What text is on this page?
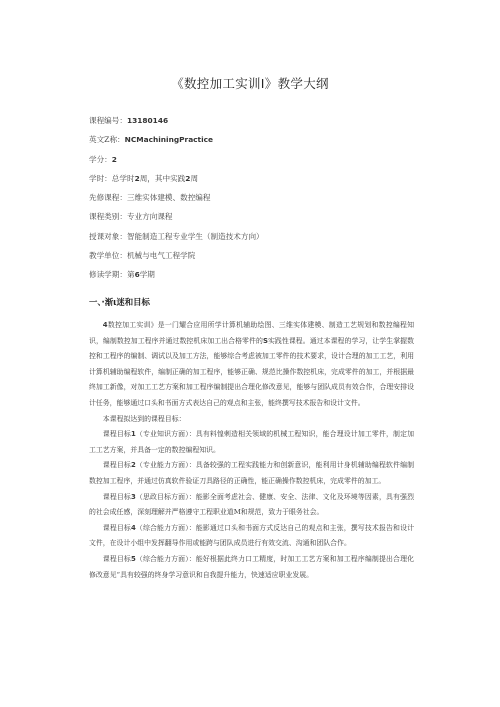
《数控加工实训Ⅰ》教学大纲
课程编号：13180146
英文Z称：NCMachiningPractice
学分：2
学时：总学时2周，其中实践2周
先修课程：三维实体建模、数控编程
课程类别：专业方向课程
授课对象：智能制造工程专业学生（制造技术方向）
教学单位：机械与电气工程学院
修读学期：第6学期
一、·渐ι迷和目标

4数控加工实训》是一门耀合应用所学计算机辅助绘图、三维实体建模、制造工艺规划和数控编程知识，编制数控加工程序并通过数控机床加工出合格零件的S实践性课程。通过本课程的学习，让学生掌握数控和工程序的编制、调试以及加工方法，能够综合考虑被加工零件的技术要求，设计合理的加工工艺，利用计算机辅助编程软件，编制正确的加工程序，能够正确、规范比操作数控机床，完成零件的加工，并根据最终加工新像，对加工工艺方案和加工程序编制提出合理化修改意见，能够与团队成员有效合作，合理安排设计任务，能够通过口头和书面方式表达自己的观点和主张，能终撰写技术报告和设计文件。

本课程拟达到的课程目标：

课程目标1（专业知识方面）：具有料惶剌造相关领域的机械工程知识，能合理设计加工零件，制定加工工艺方案，并具备一定的数控编程知识。

课程目标2（专业能力方面）：具备较强的工程实践能力和创新意识，能利用计身机辅助编程软件编制数控加工程序，并通过仿真软件验证刀具路径的正确性，能正确操作数控机床，完成零件的加工。

课程目标3（思政目标方面）：能影全面考虑社会、健康、安全、法律、文化及环境等因素，具有强烈的社会成任感，深刻理解并严格遵守工程职业道M和规范，致力于眼务社会。

课程目标4（综合能力方面）：能影通过口头和书面方式反达自己的观点和主张，撰写技术报告和设计文件，在设计小组中发挥翻导作用或能跨与团队成员进行有效交流、沟通和团队合作。

课程目标5（综合能力方面）：能好根据此终力口工精度，时加工工艺方案和加工程序编制提出合理化修改意见“具有较强的终身学习意识和自我提升能力，快速适应职业发展。
